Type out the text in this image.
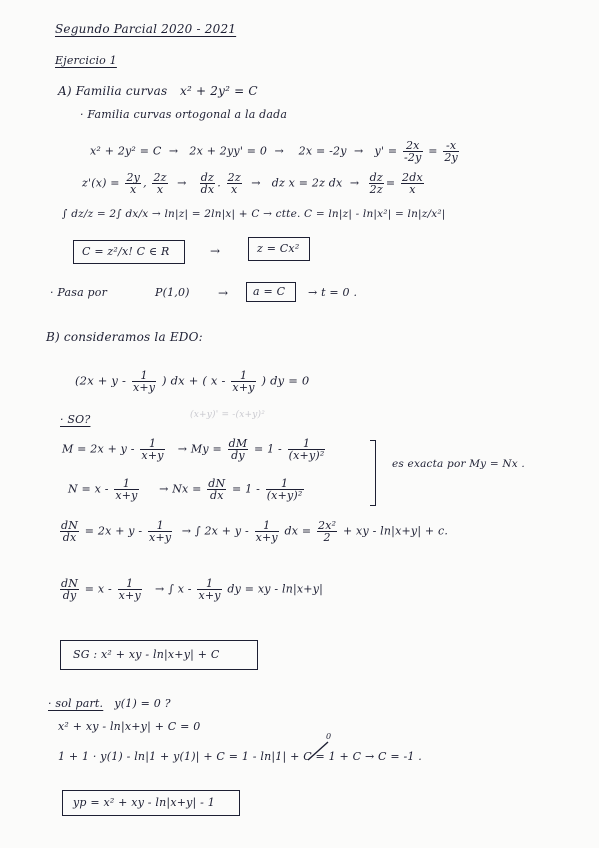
Segundo Parcial 2020 - 2021
Ejercicio 1
A) Familia curvas x² + 2y² = C
· Familia curvas ortogonal a la dada
x² + 2y² = C  →   2x + 2yy' = 0  →    $2x = -2y \to y' = \frac{2x}{-2y} = \frac{-x}{2y}$
$z'(x) = \frac{2y}{x}$ , $\frac{2z}{x} \to \frac{dz}{dx}$ . $\frac{2z}{x}$ →   dz x = 2z dx  → $\frac{dz}{2z} = \frac{2dx}{x}$
∫ dz/z = 2∫ dx/x → ln|z| = 2ln|x| + C → ctte. C = ln|z| - ln|x²| = ln|z/x²|
C = z²/x! C ∈ R	→	z = Cx²
· Pasa por	P(1,0) → a = C → t = 0 .
B) consideramos la EDO:
($2x + y - \frac{1}{x+y}$ ) dx + ( x - $\frac{1}{x+y}$ ) dy = 0
· SO?	(x+y)' = -(x+y)²
$M = 2x + y - \frac{1}{x+y} \to My = \frac{dM}{dy} = 1 - \frac{1}{\text{(x+y)²}}$
$N = x - \frac{1}{x+y} \to Nx = \frac{dN}{dx} = 1 - \frac{1}{\text{(x+y)²}}$
es exacta por My = Nx .
$\frac{dN}{dx} = 2x + y - \frac{1}{x+y}$ → ∫ $2x + y - \frac{1}{x+y}$ dx = $\frac{\text{2x²}}{2}$ + xy - ln|x+y| + c.
$\frac{dN}{dy} = x - \frac{1}{x+y}$ → ∫ x - $\frac{1}{x+y}$ dy = xy - ln|x+y|
SG : x² + xy - ln|x+y| + C
· sol part. y(1) = 0 ?
x² + xy - ln|x+y| + C = 0
1 + 1 · y(1) - ln|1 + y(1)| + C = 1 - ln|1| + C = 1 + C → C = -1 .
0
yp = x² + xy - ln|x+y| - 1
